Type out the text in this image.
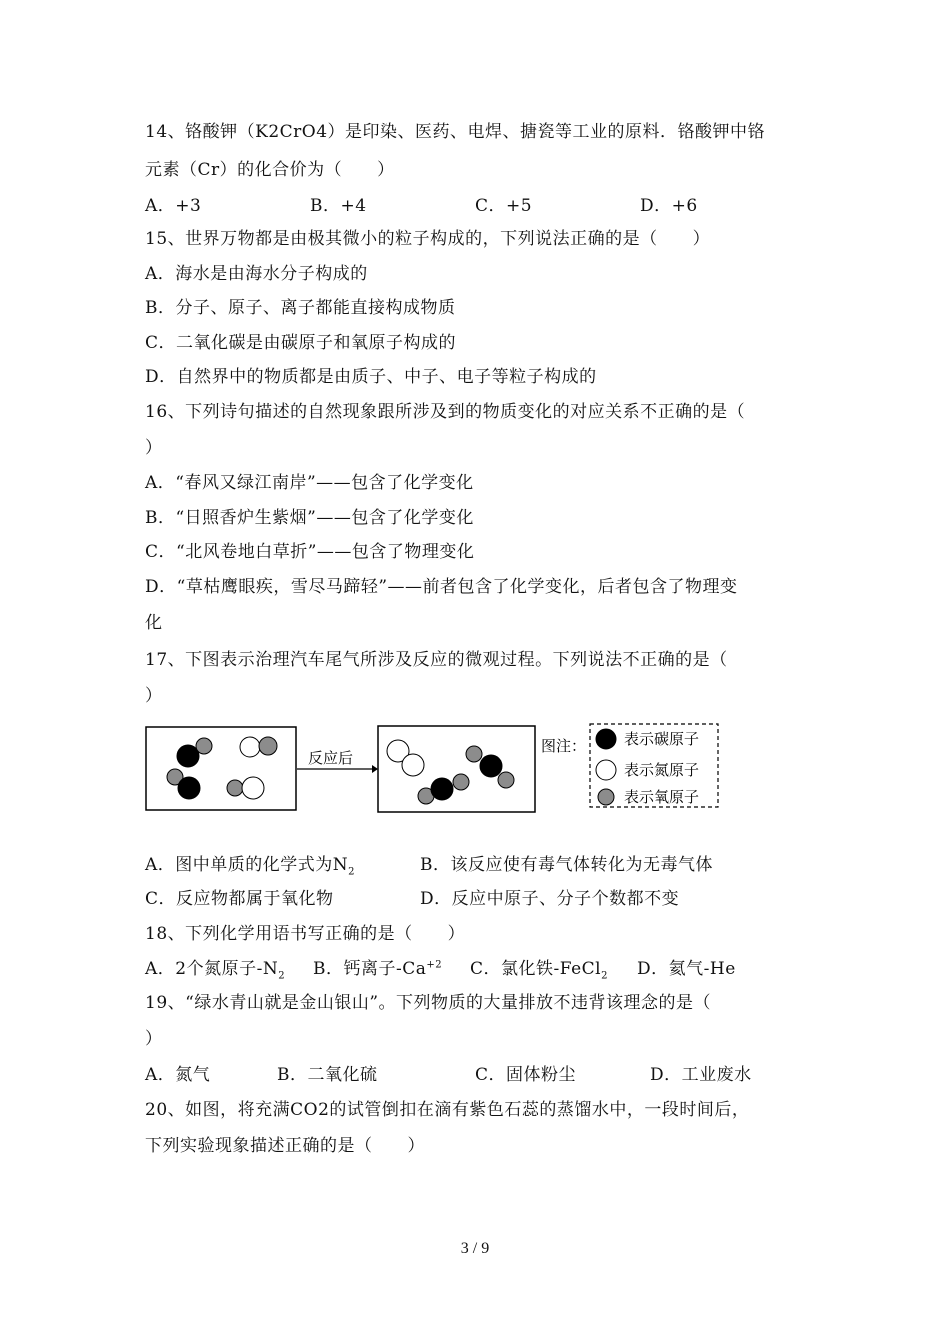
14、铬酸钾（K2CrO4）是印染、医药、电焊、搪瓷等工业的原料．铬酸钾中铬
元素（Cr）的化合价为（　　）
A．+3	B．+4	C．+5	D．+6
15、世界万物都是由极其微小的粒子构成的，下列说法正确的是（　　）
A．海水是由海水分子构成的
B．分子、原子、离子都能直接构成物质
C．二氧化碳是由碳原子和氧原子构成的
D．自然界中的物质都是由质子、中子、电子等粒子构成的
16、下列诗句描述的自然现象跟所涉及到的物质变化的对应关系不正确的是（
）
A．“春风又绿江南岸”——包含了化学变化
B．“日照香炉生紫烟”——包含了化学变化
C．“北风卷地白草折”——包含了物理变化
D．“草枯鹰眼疾，雪尽马蹄轻”——前者包含了化学变化，后者包含了物理变
化
17、下图表示治理汽车尾气所涉及反应的微观过程。下列说法不正确的是（
）
反应后
图注：	表示碳原子
表示氮原子
表示氧原子
A．图中单质的化学式为$N_2$	B．该反应使有毒气体转化为无毒气体
C．反应物都属于氧化物	D．反应中原子、分子个数都不变
18、下列化学用语书写正确的是（　　）
A．2个氮原子$-N_2$ B．钙离子$-Ca^{+2}$ C．氯化铁-FeCl$_2$ D．氦气-He
19、“绿水青山就是金山银山”。下列物质的大量排放不违背该理念的是（
）
A．氮气	B．二氧化硫	C．固体粉尘	D．工业废水
20、如图，将充满CO2的试管倒扣在滴有紫色石蕊的蒸馏水中，一段时间后，
下列实验现象描述正确的是（　　）
3 / 9
